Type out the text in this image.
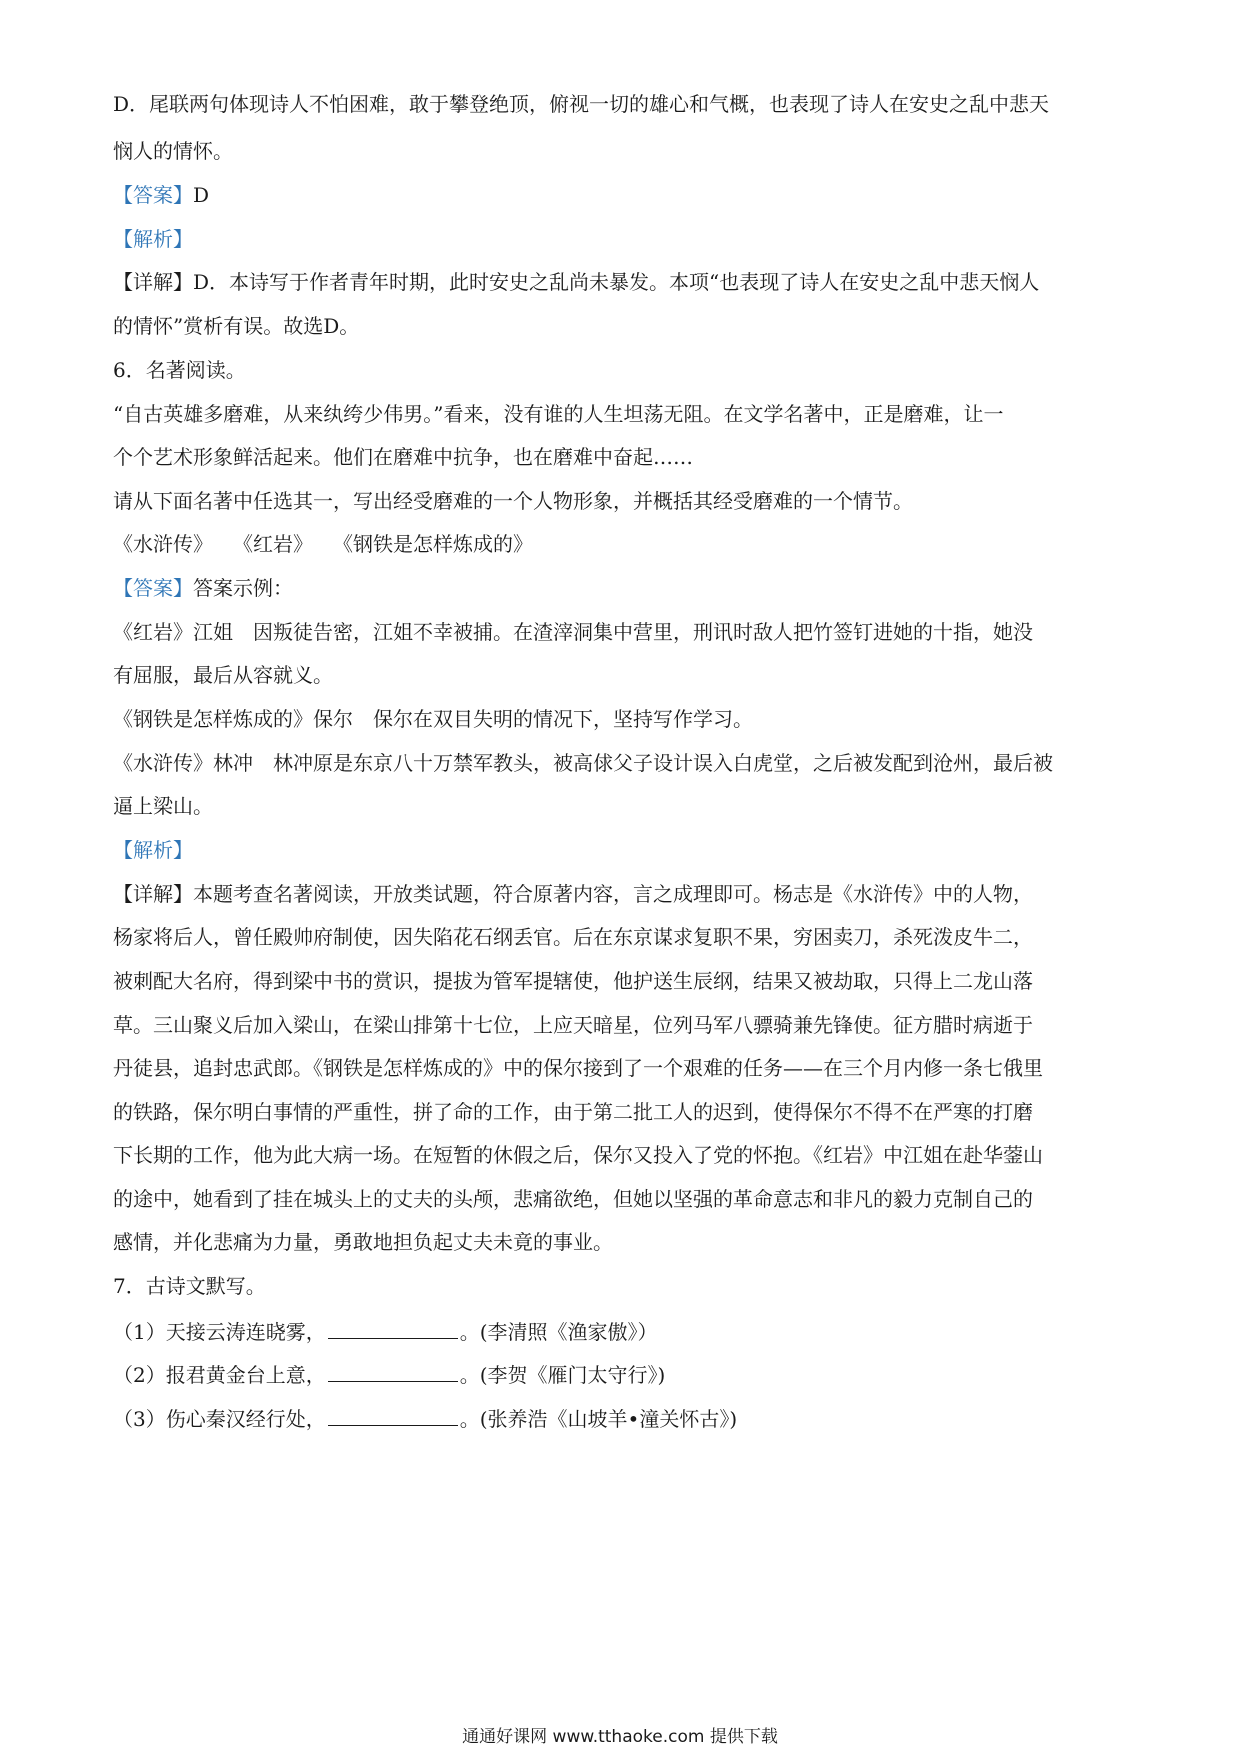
D．尾联两句体现诗人不怕困难，敢于攀登绝顶，俯视一切的雄心和气概，也表现了诗人在安史之乱中悲天
悯人的情怀。
【答案】D
【解析】
【详解】D．本诗写于作者青年时期，此时安史之乱尚未暴发。本项“也表现了诗人在安史之乱中悲天悯人
的情怀”赏析有误。故选D。
6．名著阅读。
“自古英雄多磨难，从来纨绔少伟男。”看来，没有谁的人生坦荡无阻。在文学名著中，正是磨难，让一
个个艺术形象鲜活起来。他们在磨难中抗争，也在磨难中奋起……
请从下面名著中任选其一，写出经受磨难的一个人物形象，并概括其经受磨难的一个情节。
《水浒传》　　《红岩》　　《钢铁是怎样炼成的》
【答案】答案示例：
《红岩》江姐　因叛徒告密，江姐不幸被捕。在渣滓洞集中营里，刑讯时敌人把竹签钉进她的十指，她没
有屈服，最后从容就义。
《钢铁是怎样炼成的》保尔　保尔在双目失明的情况下，坚持写作学习。
《水浒传》林冲　林冲原是东京八十万禁军教头，被高俅父子设计误入白虎堂，之后被发配到沧州，最后被
逼上梁山。
【解析】
【详解】本题考查名著阅读，开放类试题，符合原著内容，言之成理即可。杨志是《水浒传》中的人物，
杨家将后人，曾任殿帅府制使，因失陷花石纲丢官。后在东京谋求复职不果，穷困卖刀，杀死泼皮牛二，
被刺配大名府，得到梁中书的赏识，提拔为管军提辖使，他护送生辰纲，结果又被劫取，只得上二龙山落
草。三山聚义后加入梁山，在梁山排第十七位，上应天暗星，位列马军八骠骑兼先锋使。征方腊时病逝于
丹徒县，追封忠武郎。《钢铁是怎样炼成的》中的保尔接到了一个艰难的任务——在三个月内修一条七俄里
的铁路，保尔明白事情的严重性，拼了命的工作，由于第二批工人的迟到，使得保尔不得不在严寒的打磨
下长期的工作，他为此大病一场。在短暂的休假之后，保尔又投入了党的怀抱。《红岩》中江姐在赴华蓥山
的途中，她看到了挂在城头上的丈夫的头颅，悲痛欲绝，但她以坚强的革命意志和非凡的毅力克制自己的
感情，并化悲痛为力量，勇敢地担负起丈夫未竟的事业。
7．古诗文默写。
（1）天接云涛连晓雾，	。(李清照《渔家傲》）
（2）报君黄金台上意，	。(李贺《雁门太守行》)
（3）伤心秦汉经行处，	。(张养浩《山坡羊•潼关怀古》)
通通好课网 www.tthaoke.com 提供下载
